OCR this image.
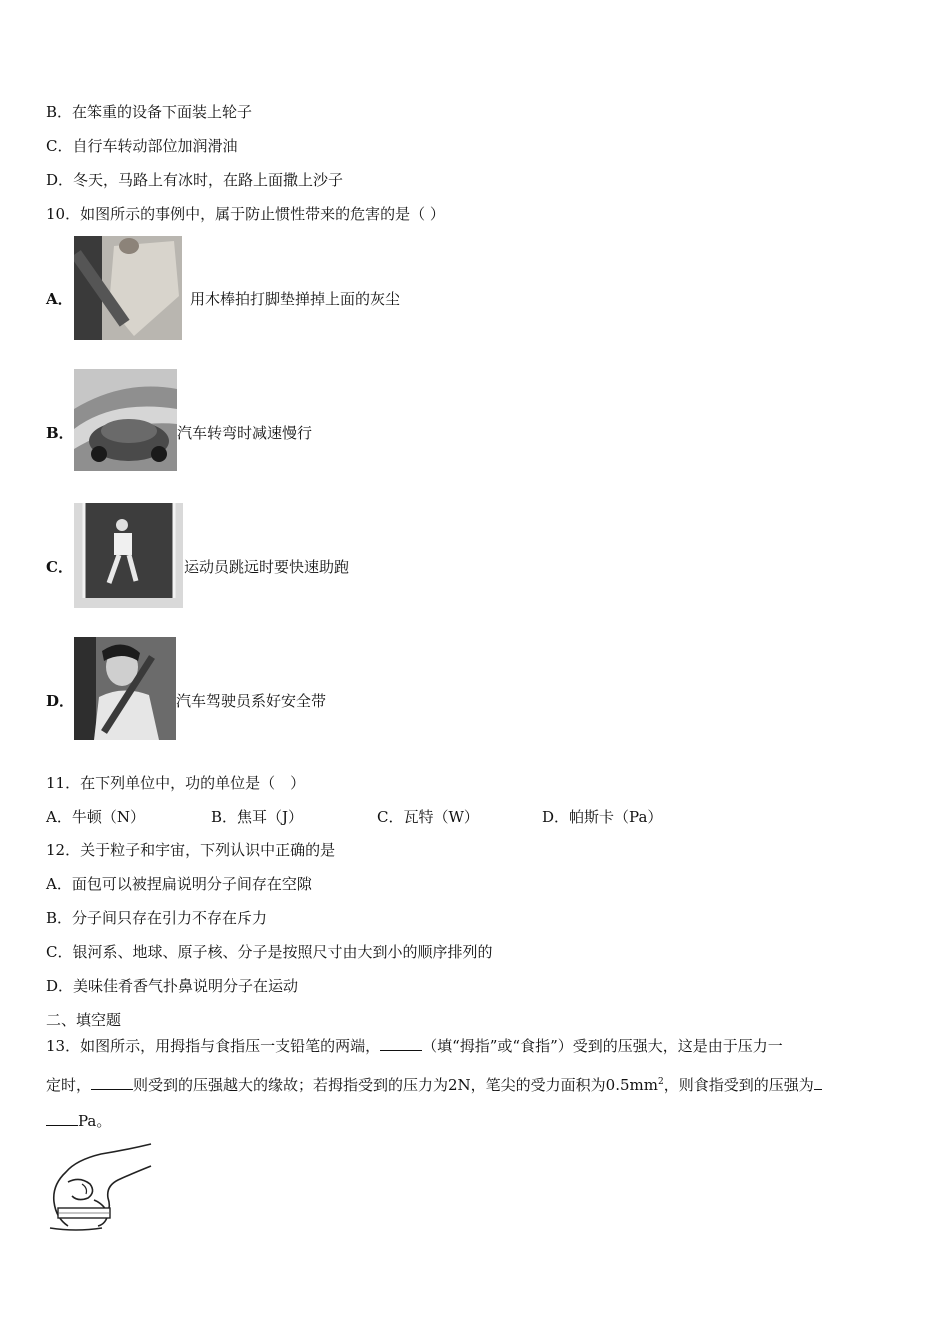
B．在笨重的设备下面装上轮子
C．自行车转动部位加润滑油
D．冬天，马路上有冰时，在路上面撒上沙子
10．如图所示的事例中，属于防止惯性带来的危害的是（ ）
A．	用木棒拍打脚垫掸掉上面的灰尘
B．	汽车转弯时减速慢行
C．	运动员跳远时要快速助跑
D．	汽车驾驶员系好安全带
11．在下列单位中，功的单位是（　）
A．牛顿（N）	B．焦耳（J）	C．瓦特（W）	D．帕斯卡（Pa）
12．关于粒子和宇宙，下列认识中正确的是
A．面包可以被捏扁说明分子间存在空隙
B．分子间只存在引力不存在斥力
C．银河系、地球、原子核、分子是按照尺寸由大到小的顺序排列的
D．美味佳肴香气扑鼻说明分子在运动
二、填空题
13．如图所示，用拇指与食指压一支铅笔的两端，	（填“拇指”或“食指”）受到的压强大，这是由于压力一
定时，	则受到的压强越大的缘故；若拇指受到的压力为2N，笔尖的受力面积为$0.5mm^2$，则食指受到的压强为
Pa。
